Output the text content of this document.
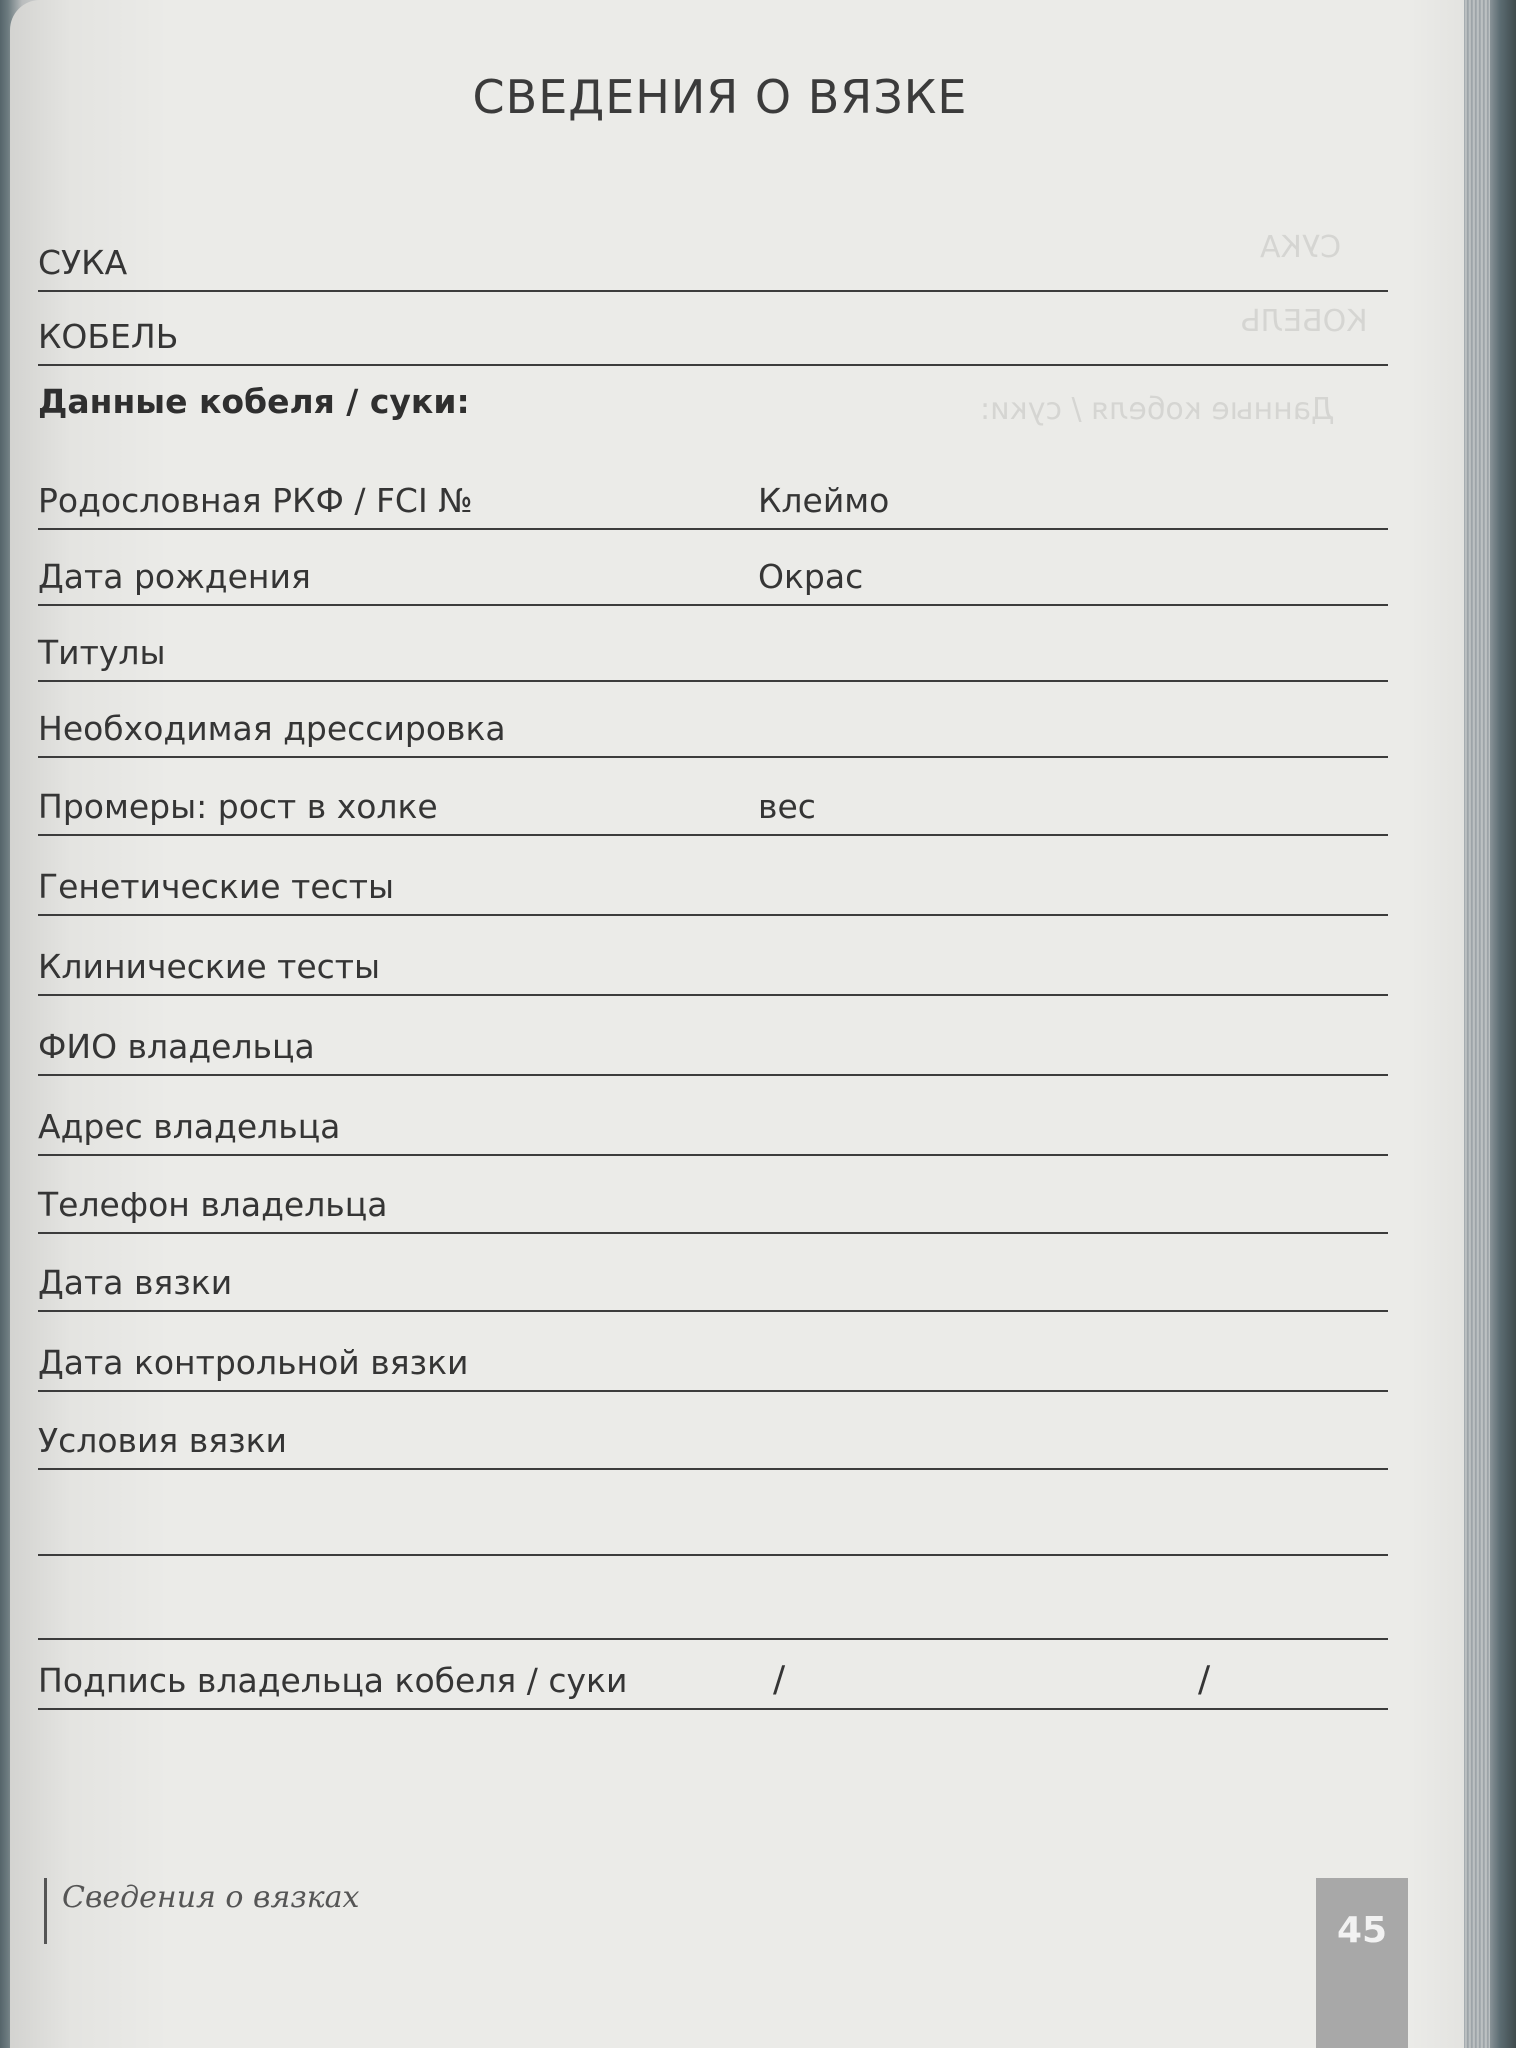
СВЕДЕНИЯ О ВЯЗКЕ
СУКА
КОБЕЛЬ
Данные кобеля / суки:
Родословная РКФ / FCI №	Клеймо
Дата рождения	Окрас
Титулы
Необходимая дрессировка
Промеры: рост в холке	вес
Генетические тесты
Клинические тесты
ФИО владельца
Адрес владельца
Телефон владельца
Дата вязки
Дата контрольной вязки
Условия вязки
Подпись владельца кобеля / суки	/	/
СУКА
КОБЕЛЬ
Данные кобеля / суки:
Сведения о вязках
45
